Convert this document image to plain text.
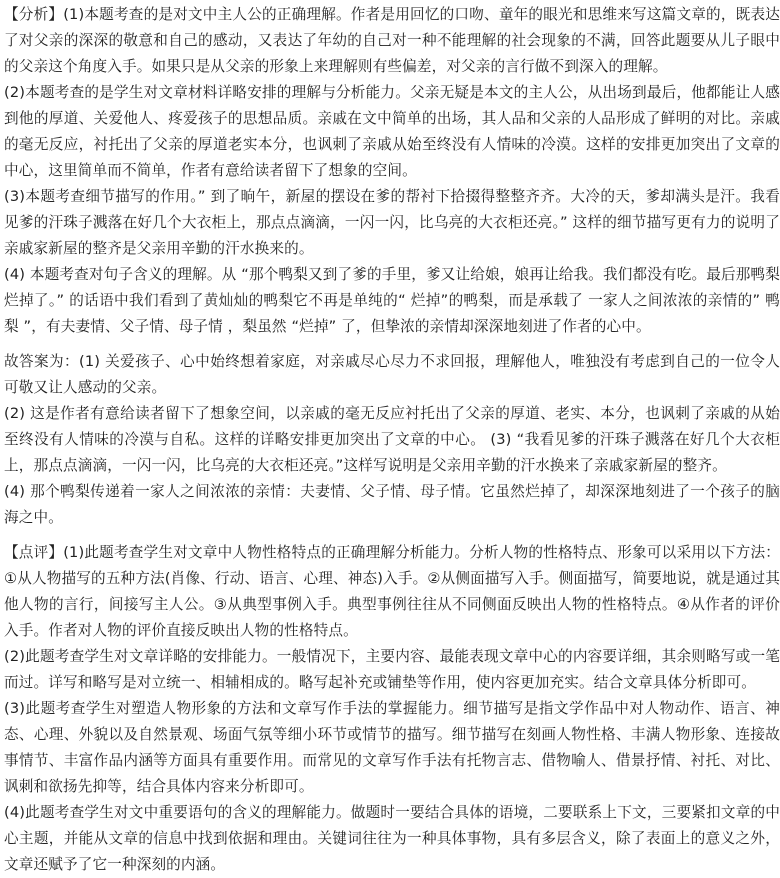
【分析】(1)本题考查的是对文中主人公的正确理解。作者是用回忆的口吻、童年的眼光和思维来写这篇文章的，既表达了对父亲的深深的敬意和自己的感动，又表达了年幼的自己对一种不能理解的社会现象的不满，回答此题要从儿子眼中的父亲这个角度入手。如果只是从父亲的形象上来理解则有些偏差，对父亲的言行做不到深入的理解。

(2)本题考查的是学生对文章材料详略安排的理解与分析能力。父亲无疑是本文的主人公，从出场到最后，他都能让人感到他的厚道、关爱他人、疼爱孩子的思想品质。亲戚在文中简单的出场，其人品和父亲的人品形成了鲜明的对比。亲戚的毫无反应，衬托出了父亲的厚道老实本分，也讽刺了亲戚从始至终没有人情味的冷漠。这样的安排更加突出了文章的中心，这里简单而不简单，作者有意给读者留下了想象的空间。

(3)本题考查细节描写的作用。” 到了晌午，新屋的摆设在爹的帮衬下拾掇得整整齐齐。大冷的天，爹却满头是汗。我看见爹的汗珠子溅落在好几个大衣柜上，那点点滴滴，一闪一闪，比乌亮的大衣柜还亮。” 这样的细节描写更有力的说明了亲戚家新屋的整齐是父亲用辛勤的汗水换来的。

(4) 本题考查对句子含义的理解。从 “那个鸭梨又到了爹的手里，爹又让给娘，娘再让给我。我们都没有吃。最后那鸭梨烂掉了。” 的话语中我们看到了黄灿灿的鸭梨它不再是单纯的“ 烂掉”的鸭梨，而是承载了 一家人之间浓浓的亲情的” 鸭梨 ”，有夫妻情、父子情、母子情 ，梨虽然 “烂掉” 了，但挚浓的亲情却深深地刻进了作者的心中。

故答案为：(1) 关爱孩子、心中始终想着家庭，对亲戚尽心尽力不求回报，理解他人，唯独没有考虑到自己的一位令人可敬又让人感动的父亲。

(2) 这是作者有意给读者留下了想象空间，以亲戚的毫无反应衬托出了父亲的厚道、老实、本分，也讽刺了亲戚的从始至终没有人情味的冷漠与自私。这样的详略安排更加突出了文章的中心。 (3) “我看见爹的汗珠子溅落在好几个大衣柜上，那点点滴滴，一闪一闪，比乌亮的大衣柜还亮。”这样写说明是父亲用辛勤的汗水换来了亲戚家新屋的整齐。

(4) 那个鸭梨传递着一家人之间浓浓的亲情：夫妻情、父子情、母子情。它虽然烂掉了，却深深地刻进了一个孩子的脑海之中。

【点评】(1)此题考查学生对文章中人物性格特点的正确理解分析能力。分析人物的性格特点、形象可以采用以下方法：①从人物描写的五种方法(肖像、行动、语言、心理、神态)入手。②从侧面描写入手。侧面描写，简要地说，就是通过其他人物的言行，间接写主人公。③从典型事例入手。典型事例往往从不同侧面反映出人物的性格特点。④从作者的评价入手。作者对人物的评价直接反映出人物的性格特点。

(2)此题考查学生对文章详略的安排能力。一般情况下，主要内容、最能表现文章中心的内容要详细，其余则略写或一笔而过。详写和略写是对立统一、相辅相成的。略写起补充或铺垫等作用，使内容更加充实。结合文章具体分析即可。

(3)此题考查学生对塑造人物形象的方法和文章写作手法的掌握能力。细节描写是指文学作品中对人物动作、语言、神态、心理、外貌以及自然景观、场面气氛等细小环节或情节的描写。细节描写在刻画人物性格、丰满人物形象、连接故事情节、丰富作品内涵等方面具有重要作用。而常见的文章写作手法有托物言志、借物喻人、借景抒情、衬托、对比、讽刺和欲扬先抑等，结合具体内容来分析即可。

(4)此题考查学生对文中重要语句的含义的理解能力。做题时一要结合具体的语境，二要联系上下文，三要紧扣文章的中心主题，并能从文章的信息中找到依据和理由。关键词往往为一种具体事物，具有多层含义，除了表面上的意义之外，文章还赋予了它一种深刻的内涵。
